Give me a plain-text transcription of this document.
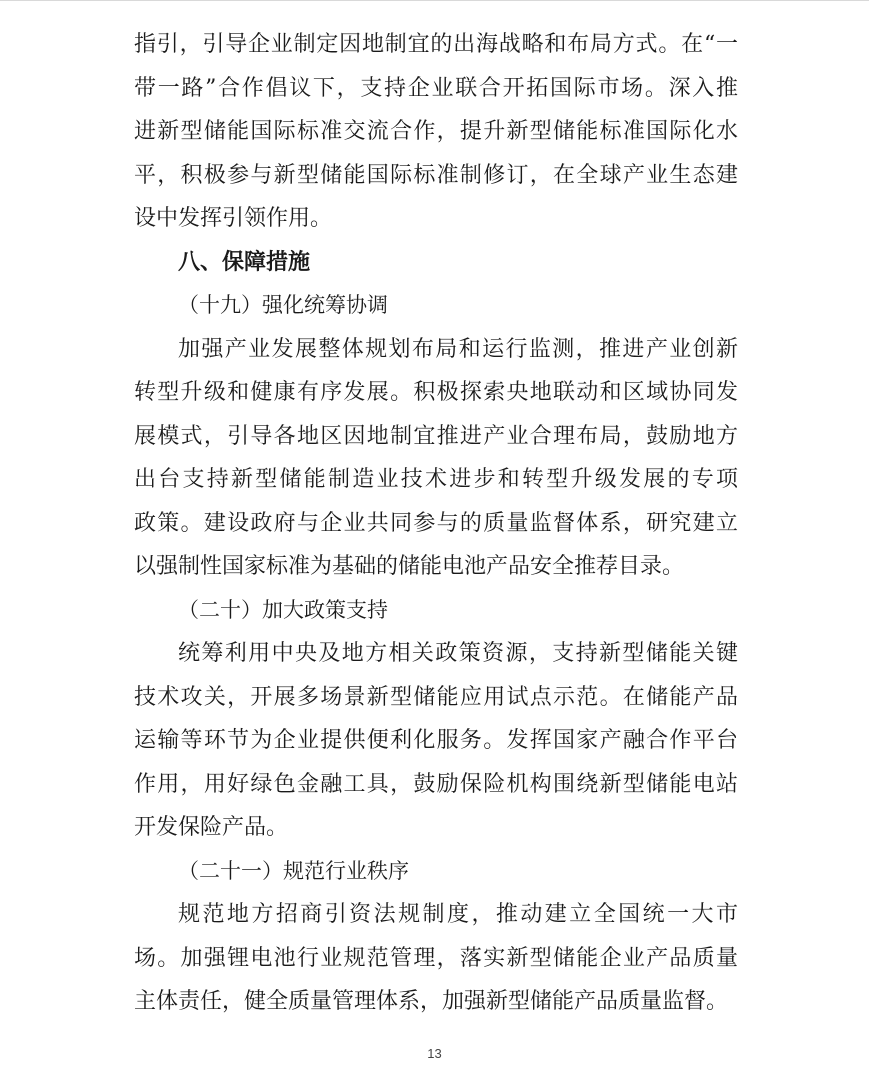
指引，引导企业制定因地制宜的出海战略和布局方式。在“一
带一路”合作倡议下，支持企业联合开拓国际市场。深入推
进新型储能国际标准交流合作，提升新型储能标准国际化水
平，积极参与新型储能国际标准制修订，在全球产业生态建
设中发挥引领作用。
八、保障措施
（十九）强化统筹协调
加强产业发展整体规划布局和运行监测，推进产业创新
转型升级和健康有序发展。积极探索央地联动和区域协同发
展模式，引导各地区因地制宜推进产业合理布局，鼓励地方
出台支持新型储能制造业技术进步和转型升级发展的专项
政策。建设政府与企业共同参与的质量监督体系，研究建立
以强制性国家标准为基础的储能电池产品安全推荐目录。
（二十）加大政策支持
统筹利用中央及地方相关政策资源，支持新型储能关键
技术攻关，开展多场景新型储能应用试点示范。在储能产品
运输等环节为企业提供便利化服务。发挥国家产融合作平台
作用，用好绿色金融工具，鼓励保险机构围绕新型储能电站
开发保险产品。
（二十一）规范行业秩序
规范地方招商引资法规制度，推动建立全国统一大市
场。加强锂电池行业规范管理，落实新型储能企业产品质量
主体责任，健全质量管理体系，加强新型储能产品质量监督。
13
